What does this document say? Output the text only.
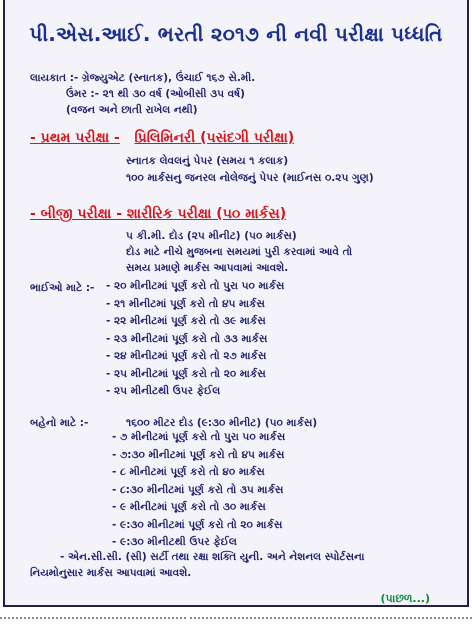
પી.એસ.આઈ. ભરતી ૨૦૧૭ ની નવી પરીક્ષા પધ્ધતિ
લાયકાત :- ગ્રેજ્યુએટ (સ્નાતક), ઉંચાઈ ૧૬૭ સે.મી.
ઉંમર :- ૨૧ થી ૩૦ વર્ષ (ઓબીસી ૩૫ વર્ષ)
(વજન અને છાતી રાખેલ નથી)
- પ્રથમ પરીક્ષા - પ્રિલિમિનરી (પસંદગી પરીક્ષા)
સ્નાતક લેવલનું પેપર (સમય ૧ કલાક)
૧૦૦ માર્કસનુ જનરલ નોલેજનું પેપર (માઈનસ ૦.૨૫ ગુણ)
- બીજી પરીક્ષા - શારીરિક પરીક્ષા (૫૦ માર્કસ)
૫ કી.મી. દોડ (૨૫ મીનીટ) (૫૦ માર્કસ)
દોડ માટે નીચે મુજબના સમયમાં પુરી કરવામાં આવે તો
સમય પ્રમાણે માર્કસ આપવામાં આવશે.
ભાઈઓ માટે :- - ૨૦ મીનીટમાં પૂર્ણ કરો તો પુરા ૫૦ માર્કસ
- ૨૧ મીનીટમાં પૂર્ણ કરો તો ૪૫ માર્કસ
- ૨૨ મીનીટમાં પૂર્ણ કરો તો ૩૯ માર્કસ
- ૨૩ મીનીટમાં પૂર્ણ કરો તો ૩૩ માર્કસ
- ૨૪ મીનીટમાં પૂર્ણ કરો તો ૨૭ માર્કસ
- ૨૫ મીનીટમાં પૂર્ણ કરો તો ૨૦ માર્કસ
- ૨૫ મીનીટથી ઉપર ફેઈલ
બહેનો માટે :-	૧૬૦૦ મીટર દોડ (૯:૩૦ મીનીટ) (૫૦ માર્કસ)
- ૭ મીનીટમાં પૂર્ણ કરો તો પુરા ૫૦ માર્કસ
- ૭:૩૦ મીનીટમાં પૂર્ણ કરો તો ૪૫ માર્કસ
- ૮ મીનીટમાં પૂર્ણ કરો તો ૪૦ માર્કસ
- ૮:૩૦ મીનીટમાં પૂર્ણ કરો તો ૩૫ માર્કસ
- ૯ મીનીટમાં પૂર્ણ કરો તો ૩૦ માર્કસ
- ૯:૩૦ મીનીટમાં પૂર્ણ કરો તો ૨૦ માર્કસ
- ૯:૩૦ મીનીટથી ઉપર ફેઈલ
- એન.સી.સી. (સી) સર્ટી તથા રક્ષા શક્તિ યુની. અને નેશનલ સ્પોર્ટસના
નિયમોનુસાર માર્કસ આપવામાં આવશે.
(પાછળ...)
